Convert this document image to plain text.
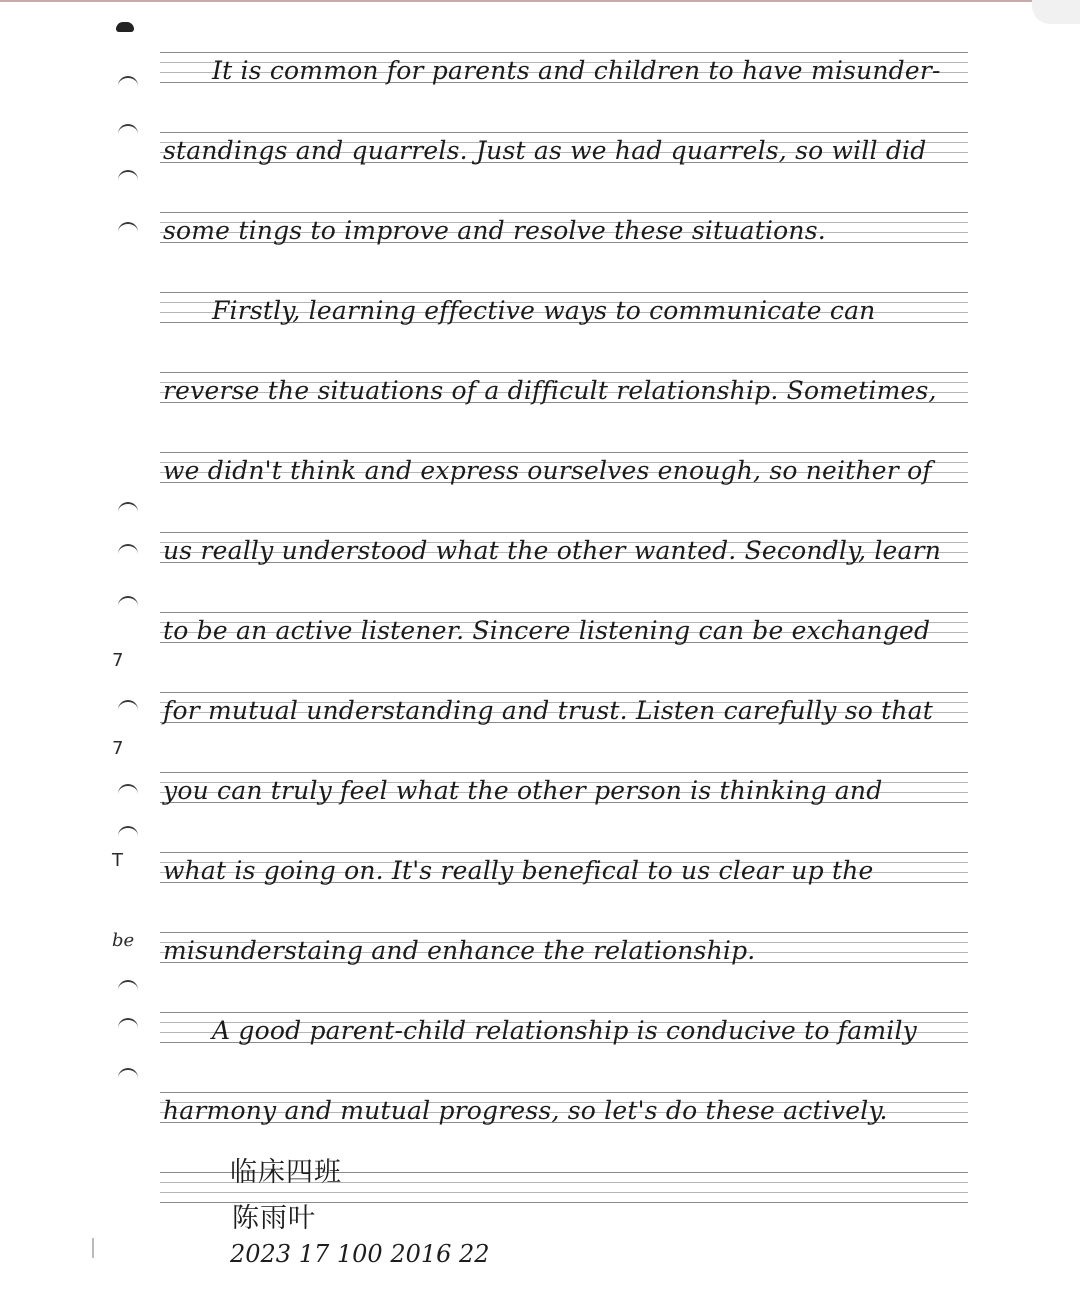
7
7
T
be
It is common for parents and children to have misunder-
standings and quarrels. Just as we had quarrels, so will did
some tings to improve and resolve these situations.
Firstly, learning effective ways to communicate can
reverse the situations of a difficult relationship. Sometimes,
we didn't think and express ourselves enough, so neither of
us really understood what the other wanted. Secondly, learn
to be an active listener. Sincere listening can be exchanged
for mutual understanding and trust. Listen carefully so that
you can truly feel what the other person is thinking and
what is going on. It's really benefical to us clear up the
misunderstaing and enhance the relationship.
A good parent-child relationship is conducive to family
harmony and mutual progress, so let's do these actively.
临床四班
陈雨叶
2023 17 100 2016 22
